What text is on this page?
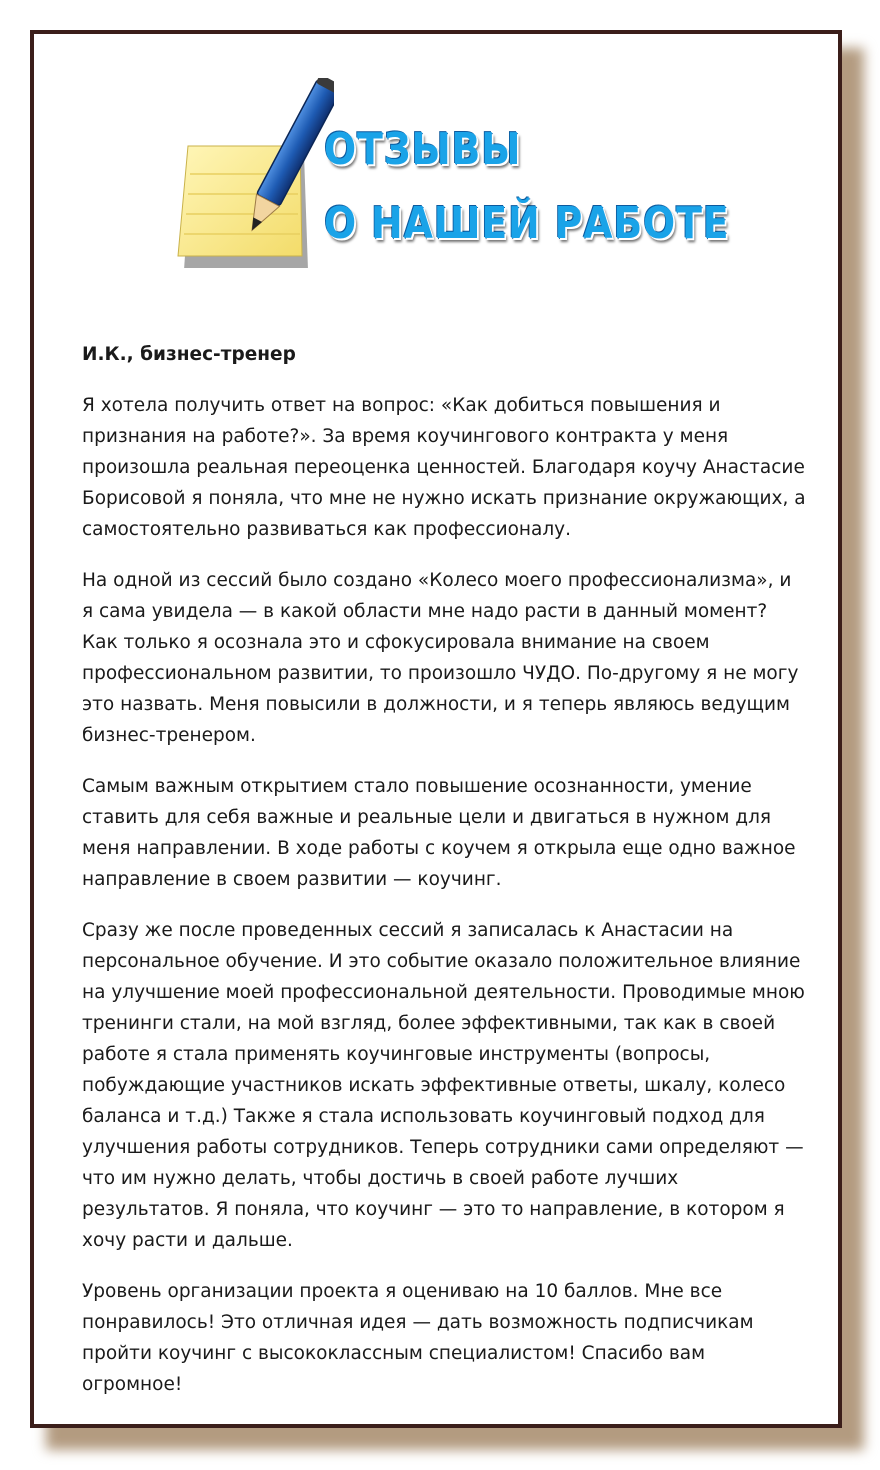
ОТЗЫВЫ
О НАШЕЙ РАБОТЕ

И.К., бизнес-тренер

Я хотела получить ответ на вопрос: «Как добиться повышения и признания на работе?». За время коучингового контракта у меня произошла реальная переоценка ценностей. Благодаря коучу Анастасие Борисовой я поняла, что мне не нужно искать признание окружающих, а самостоятельно развиваться как профессионалу.

На одной из сессий было создано «Колесо моего профессионализма», и я сама увидела — в какой области мне надо расти в данный момент? Как только я осознала это и сфокусировала внимание на своем профессиональном развитии, то произошло ЧУДО. По-другому я не могу это назвать. Меня повысили в должности, и я теперь являюсь ведущим бизнес-тренером.

Самым важным открытием стало повышение осознанности, умение ставить для себя важные и реальные цели и двигаться в нужном для меня направлении. В ходе работы с коучем я открыла еще одно важное направление в своем развитии — коучинг.

Сразу же после проведенных сессий я записалась к Анастасии на персональное обучение. И это событие оказало положительное влияние на улучшение моей профессиональной деятельности. Проводимые мною тренинги стали, на мой взгляд, более эффективными, так как в своей работе я стала применять коучинговые инструменты (вопросы, побуждающие участников искать эффективные ответы, шкалу, колесо баланса и т.д.) Также я стала использовать коучинговый подход для улучшения работы сотрудников. Теперь сотрудники сами определяют — что им нужно делать, чтобы достичь в своей работе лучших результатов. Я поняла, что коучинг — это то направление, в котором я хочу расти и дальше.

Уровень организации проекта я оцениваю на 10 баллов. Мне все понравилось! Это отличная идея — дать возможность подписчикам пройти коучинг с высококлассным специалистом! Спасибо вам огромное!
